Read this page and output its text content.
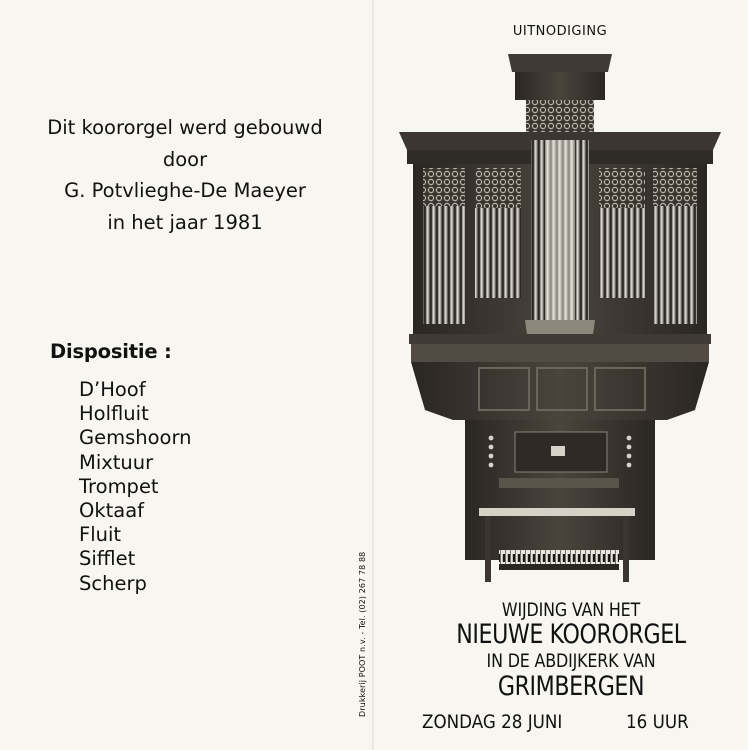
Dit koororgel werd gebouwd
door
G. Potvlieghe-De Maeyer
in het jaar 1981
Dispositie :
D’Hoof
Holfluit
Gemshoorn
Mixtuur
Trompet
Oktaaf
Fluit
Sifflet
Scherp	Drukkerij POOT n.v. - Tel. (02) 267 78 88
UITNODIGING
WIJDING VAN HET
NIEUWE KOORORGEL
IN DE ABDIJKERK VAN
GRIMBERGEN
ZONDAG 28 JUNI	16 UUR
